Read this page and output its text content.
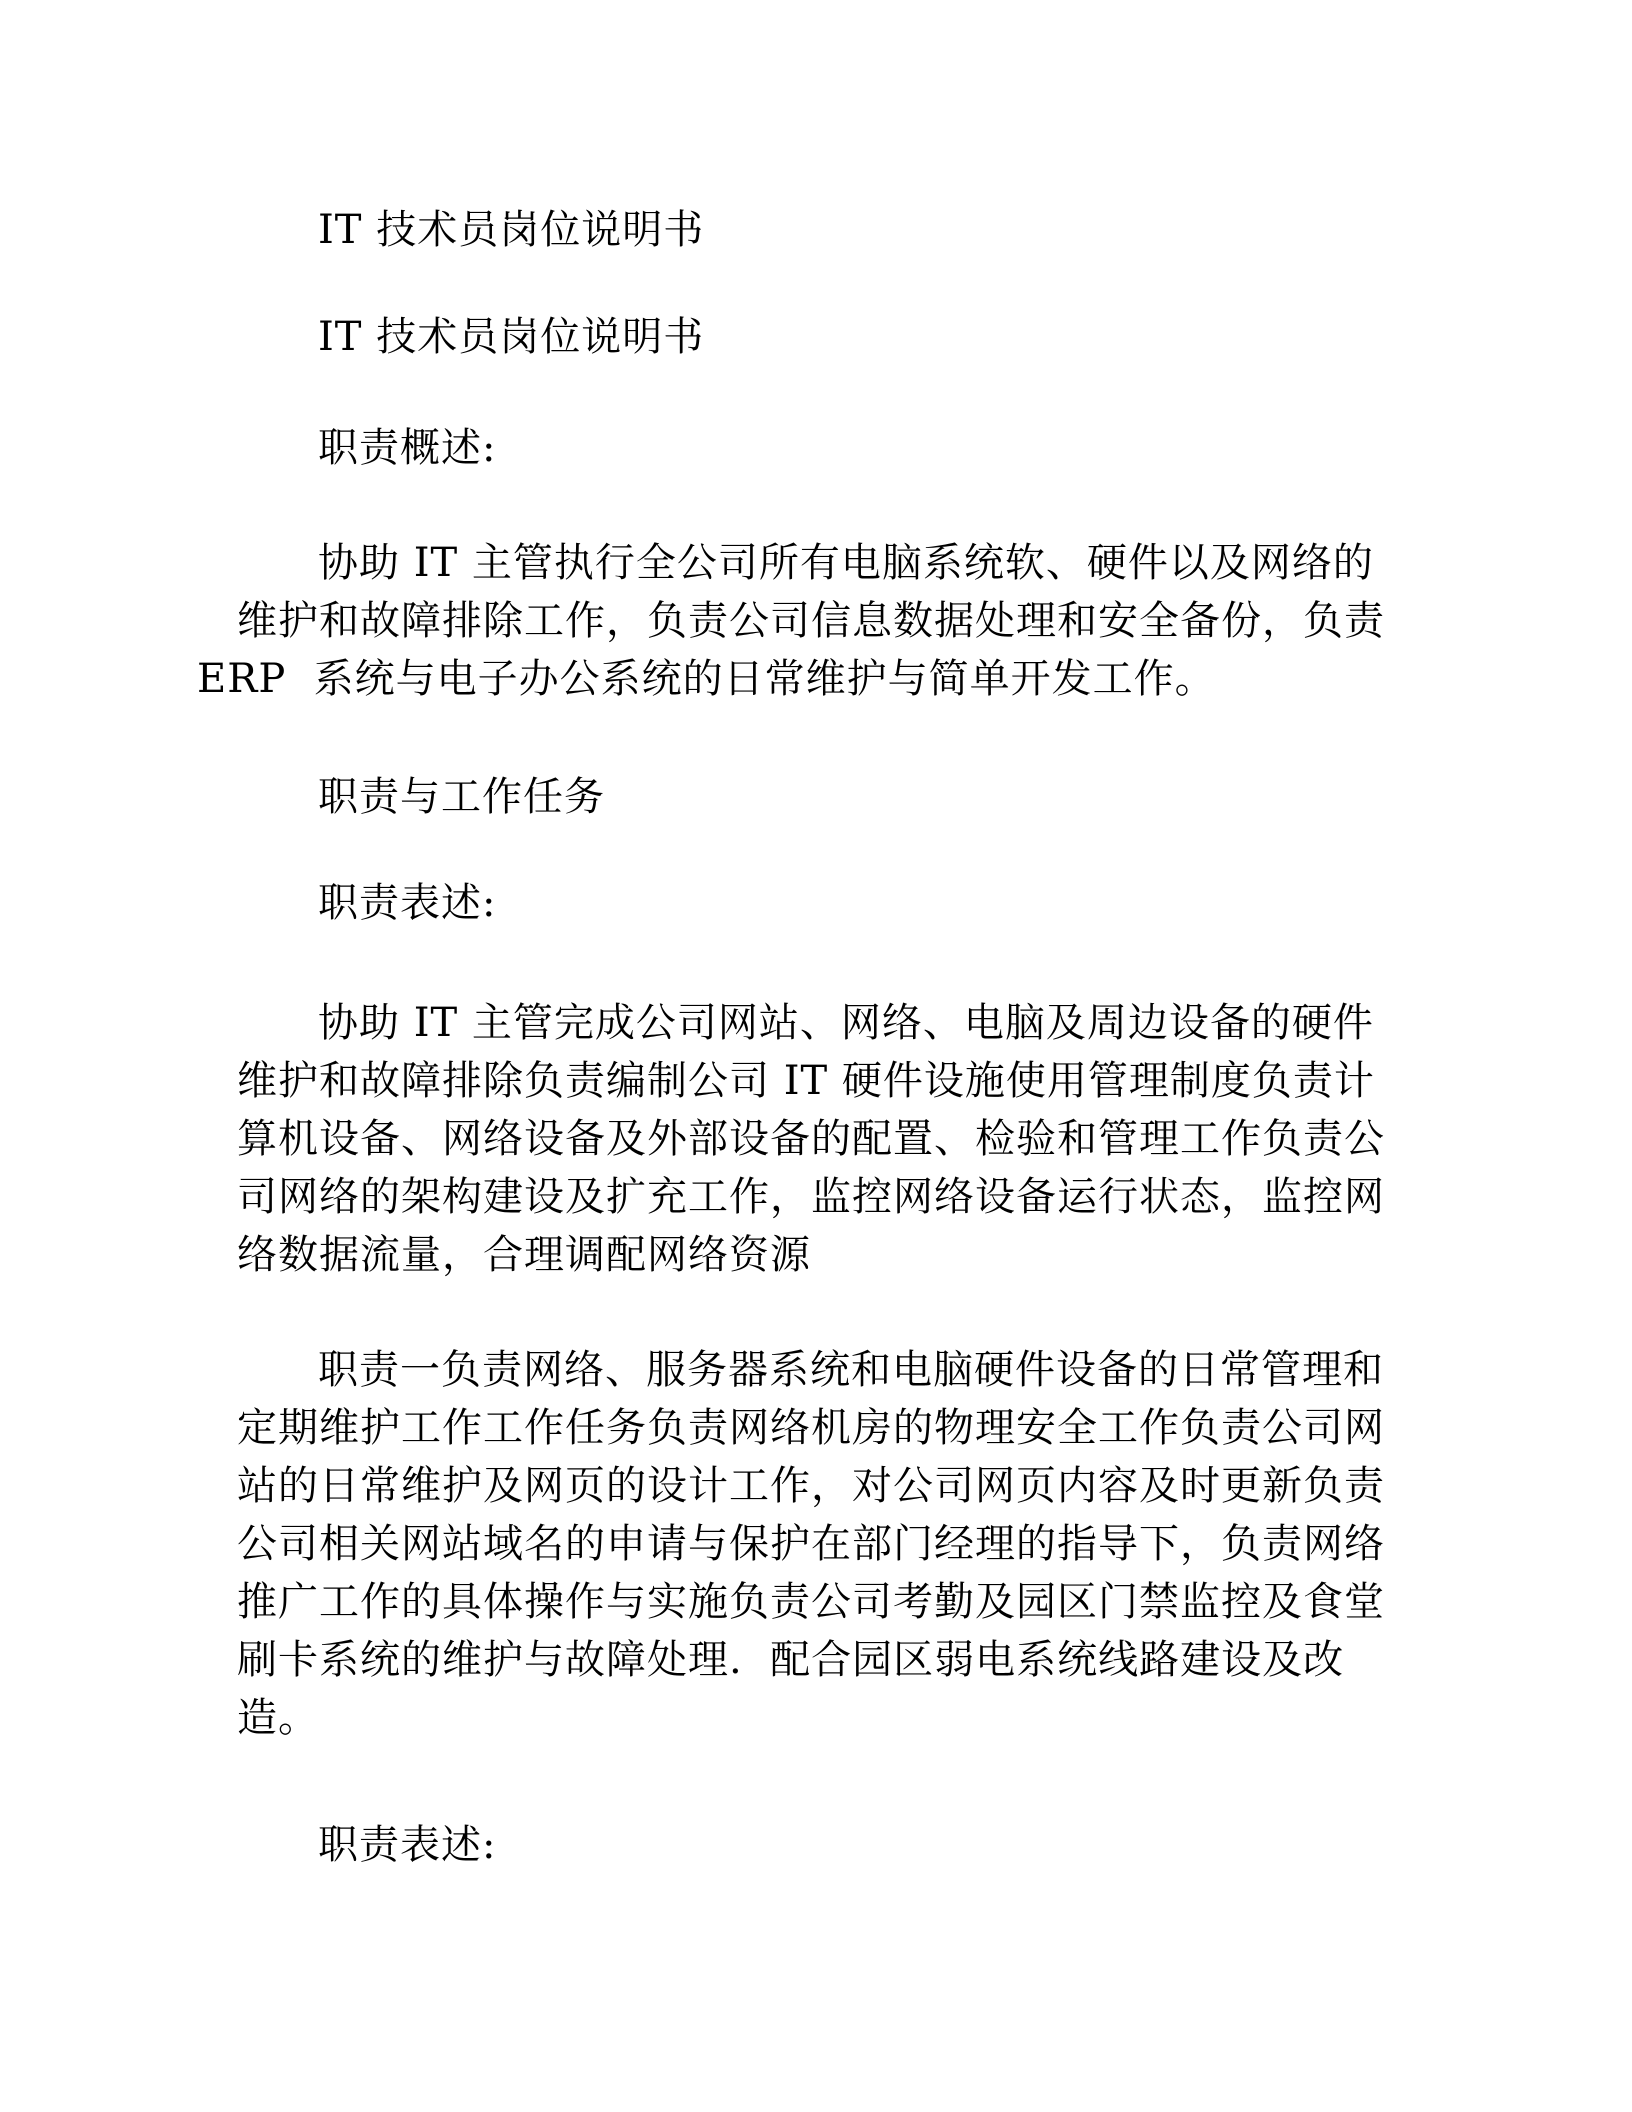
IT 技术员岗位说明书
IT 技术员岗位说明书
职责概述:
协助 IT 主管执行全公司所有电脑系统软、硬件以及网络的
维护和故障排除工作，负责公司信息数据处理和安全备份，负责
ERP  系统与电子办公系统的日常维护与简单开发工作。
职责与工作任务
职责表述:
协助 IT 主管完成公司网站、网络、电脑及周边设备的硬件
维护和故障排除负责编制公司 IT 硬件设施使用管理制度负责计
算机设备、网络设备及外部设备的配置、检验和管理工作负责公
司网络的架构建设及扩充工作，监控网络设备运行状态，监控网
络数据流量，合理调配网络资源
职责一负责网络、服务器系统和电脑硬件设备的日常管理和
定期维护工作工作任务负责网络机房的物理安全工作负责公司网
站的日常维护及网页的设计工作，对公司网页内容及时更新负责
公司相关网站域名的申请与保护在部门经理的指导下，负责网络
推广工作的具体操作与实施负责公司考勤及园区门禁监控及食堂
刷卡系统的维护与故障处理.  配合园区弱电系统线路建设及改
造。
职责表述:
